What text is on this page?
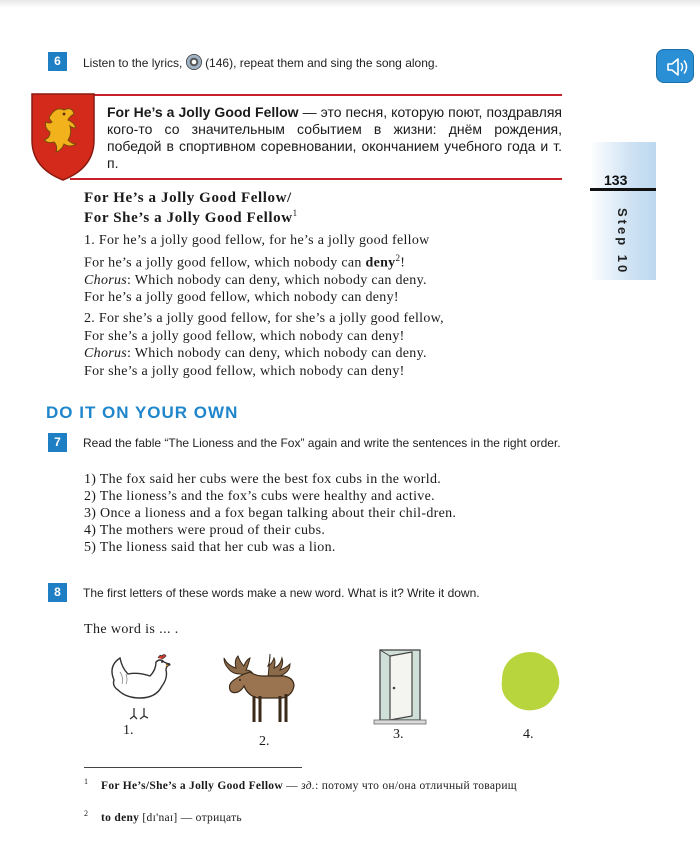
6	Listen to the lyrics, (146), repeat them and sing the song along.
For He’s a Jolly Good Fellow — это песня, которую поют, поздравляя кого-то со значительным событием в жизни: днём рождения, победой в спортивном соревновании, окончанием учебного года и т. п.
133
Step 10
For He’s a Jolly Good Fellow/
For She’s a Jolly Good Fellow$^1$
1. For he’s a jolly good fellow, for he’s a jolly good fellow
For he’s a jolly good fellow, which nobody can deny$^2$!
Chorus: Which nobody can deny, which nobody can deny.
For he’s a jolly good fellow, which nobody can deny!
2. For she’s a jolly good fellow, for she’s a jolly good fellow,
For she’s a jolly good fellow, which nobody can deny!
Chorus: Which nobody can deny, which nobody can deny.
For she’s a jolly good fellow, which nobody can deny!
DO IT ON YOUR OWN
7	Read the fable “The Lioness and the Fox” again and write the sentences in the right order.
1) The fox said her cubs were the best fox cubs in the world.
2) The lioness’s and the fox’s cubs were healthy and active.
3) Once a lioness and a fox began talking about their chil-dren.
4) The mothers were proud of their cubs.
5) The lioness said that her cub was a lion.
8	The first letters of these words make a new word. What is it? Write it down.
The word is ... .
1.
2.	3.	4.
$^1$ For He’s/She’s a Jolly Good Fellow — зд.: потому что он/она отличный товарищ
$^2$ to deny [dɪ'naɪ] — отрицать
